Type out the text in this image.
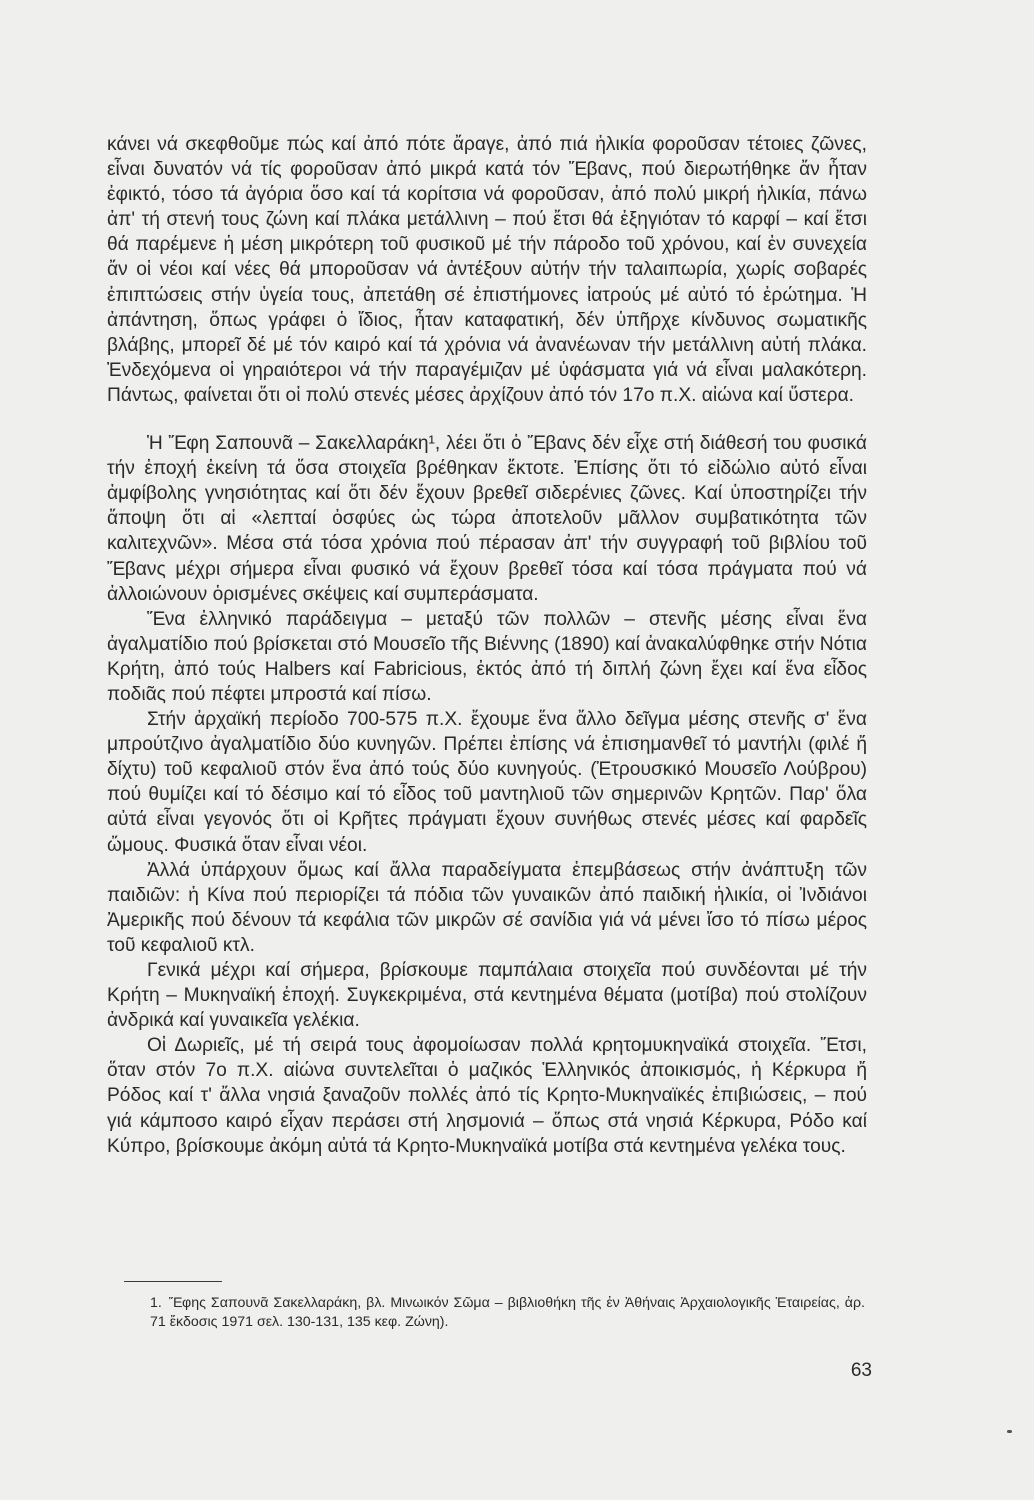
κάνει νά σκεφθοῦμε πώς καί ἀπό πότε ἄραγε, ἀπό πιά ἡλικία φοροῦσαν τέτοιες ζῶνες, εἶναι δυνατόν νά τίς φοροῦσαν ἀπό μικρά κατά τόν Ἔβανς, πού διερωτήθηκε ἄν ἦταν ἐφικτό, τόσο τά ἀγόρια ὅσο καί τά κορίτσια νά φοροῦσαν, ἀπό πολύ μικρή ἡλικία, πάνω ἀπ' τή στενή τους ζώνη καί πλάκα μετάλλινη – πού ἔτσι θά ἐξηγιόταν τό καρφί – καί ἔτσι θά παρέμενε ἡ μέση μικρότερη τοῦ φυσικοῦ μέ τήν πάροδο τοῦ χρόνου, καί ἐν συνεχεία ἄν οἱ νέοι καί νέες θά μποροῦσαν νά ἀντέξουν αὐτήν τήν ταλαιπωρία, χωρίς σοβαρές ἐπιπτώσεις στήν ὑγεία τους, ἀπετάθη σέ ἐπιστήμονες ἰατρούς μέ αὐτό τό ἐρώτημα. Ἡ ἀπάντηση, ὅπως γράφει ὁ ἴδιος, ἦταν καταφατική, δέν ὑπῆρχε κίνδυνος σωματικῆς βλάβης, μπορεῖ δέ μέ τόν καιρό καί τά χρόνια νά ἀνανέωναν τήν μετάλλινη αὐτή πλάκα. Ἐνδεχόμενα οἱ γηραιότεροι νά τήν παραγέμιζαν μέ ὑφάσματα γιά νά εἶναι μαλακότερη. Πάντως, φαίνεται ὅτι οἱ πολύ στενές μέσες ἀρχίζουν ἀπό τόν 17ο π.Χ. αἰώνα καί ὕστερα.

Ἡ Ἔφη Σαπουνᾶ – Σακελλαράκη¹, λέει ὅτι ὁ Ἔβανς δέν εἶχε στή διάθεσή του φυσικά τήν ἐποχή ἐκείνη τά ὅσα στοιχεῖα βρέθηκαν ἔκτοτε. Ἐπίσης ὅτι τό εἰδώλιο αὐτό εἶναι ἀμφίβολης γνησιότητας καί ὅτι δέν ἔχουν βρεθεῖ σιδερένιες ζῶνες. Καί ὑποστηρίζει τήν ἄποψη ὅτι αἱ «λεπταί ὀσφύες ὡς τώρα ἀποτελοῦν μᾶλλον συμβατικότητα τῶν καλιτεχνῶν». Μέσα στά τόσα χρόνια πού πέρασαν ἀπ' τήν συγγραφή τοῦ βιβλίου τοῦ Ἔβανς μέχρι σήμερα εἶναι φυσικό νά ἔχουν βρεθεῖ τόσα καί τόσα πράγματα πού νά ἀλλοιώνουν ὁρισμένες σκέψεις καί συμπεράσματα.

Ἕνα ἑλληνικό παράδειγμα – μεταξύ τῶν πολλῶν – στενῆς μέσης εἶναι ἕνα ἀγαλματίδιο πού βρίσκεται στό Μουσεῖο τῆς Βιέννης (1890) καί ἀνακαλύφθηκε στήν Νότια Κρήτη, ἀπό τούς Halbers καί Fabricious, ἐκτός ἀπό τή διπλή ζώνη ἔχει καί ἕνα εἶδος ποδιᾶς πού πέφτει μπροστά καί πίσω.

Στήν ἀρχαϊκή περίοδο 700-575 π.Χ. ἔχουμε ἕνα ἄλλο δεῖγμα μέσης στενῆς σ' ἕνα μπρούτζινο ἀγαλματίδιο δύο κυνηγῶν. Πρέπει ἐπίσης νά ἐπισημανθεῖ τό μαντήλι (φιλέ ἤ δίχτυ) τοῦ κεφαλιοῦ στόν ἕνα ἀπό τούς δύο κυνηγούς. (Ἐτρουσκικό Μουσεῖο Λούβρου) πού θυμίζει καί τό δέσιμο καί τό εἶδος τοῦ μαντηλιοῦ τῶν σημερινῶν Κρητῶν. Παρ' ὅλα αὐτά εἶναι γεγονός ὅτι οἱ Κρῆτες πράγματι ἔχουν συνήθως στενές μέσες καί φαρδεῖς ὤμους. Φυσικά ὅταν εἶναι νέοι.

Ἀλλά ὑπάρχουν ὅμως καί ἄλλα παραδείγματα ἐπεμβάσεως στήν ἀνάπτυξη τῶν παιδιῶν: ἡ Κίνα πού περιορίζει τά πόδια τῶν γυναικῶν ἀπό παιδική ἡλικία, οἱ Ἰνδιάνοι Ἀμερικῆς πού δένουν τά κεφάλια τῶν μικρῶν σέ σανίδια γιά νά μένει ἴσο τό πίσω μέρος τοῦ κεφαλιοῦ κτλ.

Γενικά μέχρι καί σήμερα, βρίσκουμε παμπάλαια στοιχεῖα πού συνδέονται μέ τήν Κρήτη – Μυκηναϊκή ἐποχή. Συγκεκριμένα, στά κεντημένα θέματα (μοτίβα) πού στολίζουν ἀνδρικά καί γυναικεῖα γελέκια.

Οἱ Δωριεῖς, μέ τή σειρά τους ἀφομοίωσαν πολλά κρητομυκηναϊκά στοιχεῖα. Ἔτσι, ὅταν στόν 7ο π.Χ. αἰώνα συντελεῖται ὁ μαζικός Ἑλληνικός ἀποικισμός, ἡ Κέρκυρα ἤ Ρόδος καί τ' ἄλλα νησιά ξαναζοῦν πολλές ἀπό τίς Κρητο-Μυκηναϊκές ἐπιβιώσεις, – πού γιά κάμποσο καιρό εἶχαν περάσει στή λησμονιά – ὅπως στά νησιά Κέρκυρα, Ρόδο καί Κύπρο, βρίσκουμε ἀκόμη αὐτά τά Κρητο-Μυκηναϊκά μοτίβα στά κεντημένα γελέκα τους.

1. Ἔφης Σαπουνᾶ Σακελλαράκη, βλ. Μινωικόν Σῶμα – βιβλιοθήκη τῆς ἐν Ἀθήναις Ἀρχαιολογικῆς Ἑταιρείας, ἀρ. 71 ἔκδοσις 1971 σελ. 130-131, 135 κεφ. Ζώνη).
63
